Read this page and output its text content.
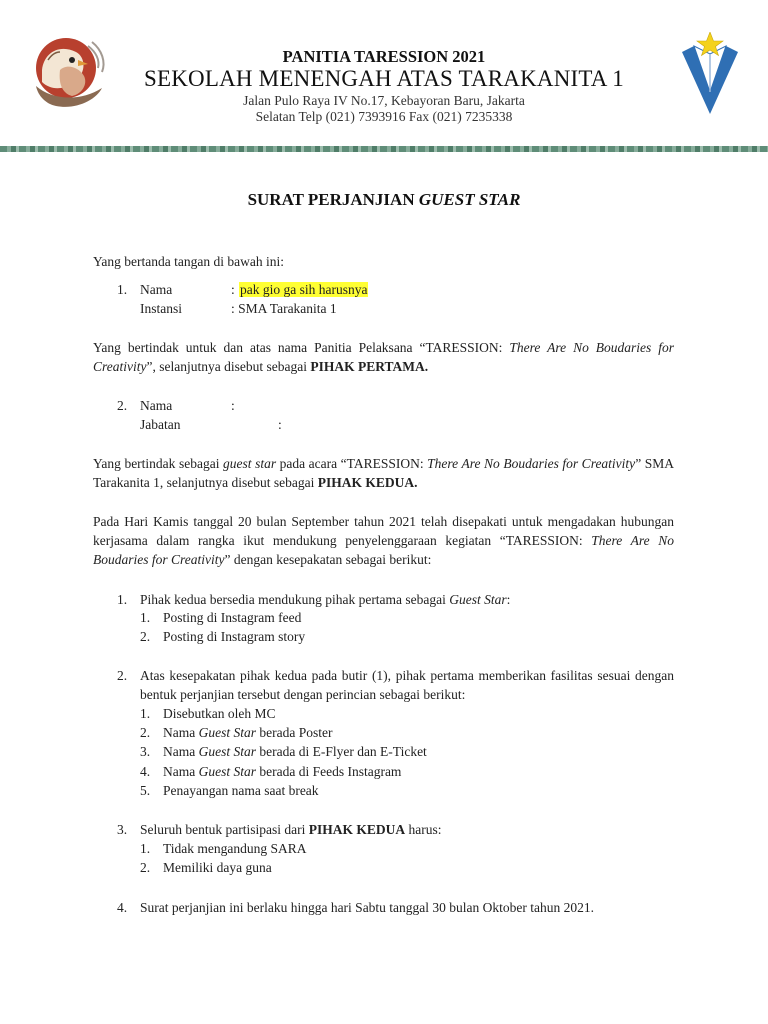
PANITIA TARESSION 2021
SEKOLAH MENENGAH ATAS TARAKANITA 1
Jalan Pulo Raya IV No.17, Kebayoran Baru, Jakarta
Selatan Telp (021) 7393916 Fax (021) 7235338
SURAT PERJANJIAN GUEST STAR
Yang bertanda tangan di bawah ini:
1. Nama	: pak gio ga sih harusnya
Instansi	: SMA Tarakanita 1
Yang bertindak untuk dan atas nama Panitia Pelaksana “TARESSION: There Are No Boudaries for Creativity”, selanjutnya disebut sebagai PIHAK PERTAMA.
2. Nama	:
Jabatan	:
Yang bertindak sebagai guest star pada acara “TARESSION: There Are No Boudaries for Creativity” SMA Tarakanita 1, selanjutnya disebut sebagai PIHAK KEDUA.
Pada Hari Kamis tanggal 20 bulan September tahun 2021 telah disepakati untuk mengadakan hubungan kerjasama dalam rangka ikut mendukung penyelenggaraan kegiatan “TARESSION: There Are No Boudaries for Creativity” dengan kesepakatan sebagai berikut:
1. Pihak kedua bersedia mendukung pihak pertama sebagai Guest Star:
1. Posting di Instagram feed
2. Posting di Instagram story
2. Atas kesepakatan pihak kedua pada butir (1), pihak pertama memberikan fasilitas sesuai dengan bentuk perjanjian tersebut dengan perincian sebagai berikut:
1. Disebutkan oleh MC
2. Nama Guest Star berada Poster
3. Nama Guest Star berada di E-Flyer dan E-Ticket
4. Nama Guest Star berada di Feeds Instagram
5. Penayangan nama saat break
3. Seluruh bentuk partisipasi dari PIHAK KEDUA harus:
1. Tidak mengandung SARA
2. Memiliki daya guna
4. Surat perjanjian ini berlaku hingga hari Sabtu tanggal 30 bulan Oktober tahun 2021.
